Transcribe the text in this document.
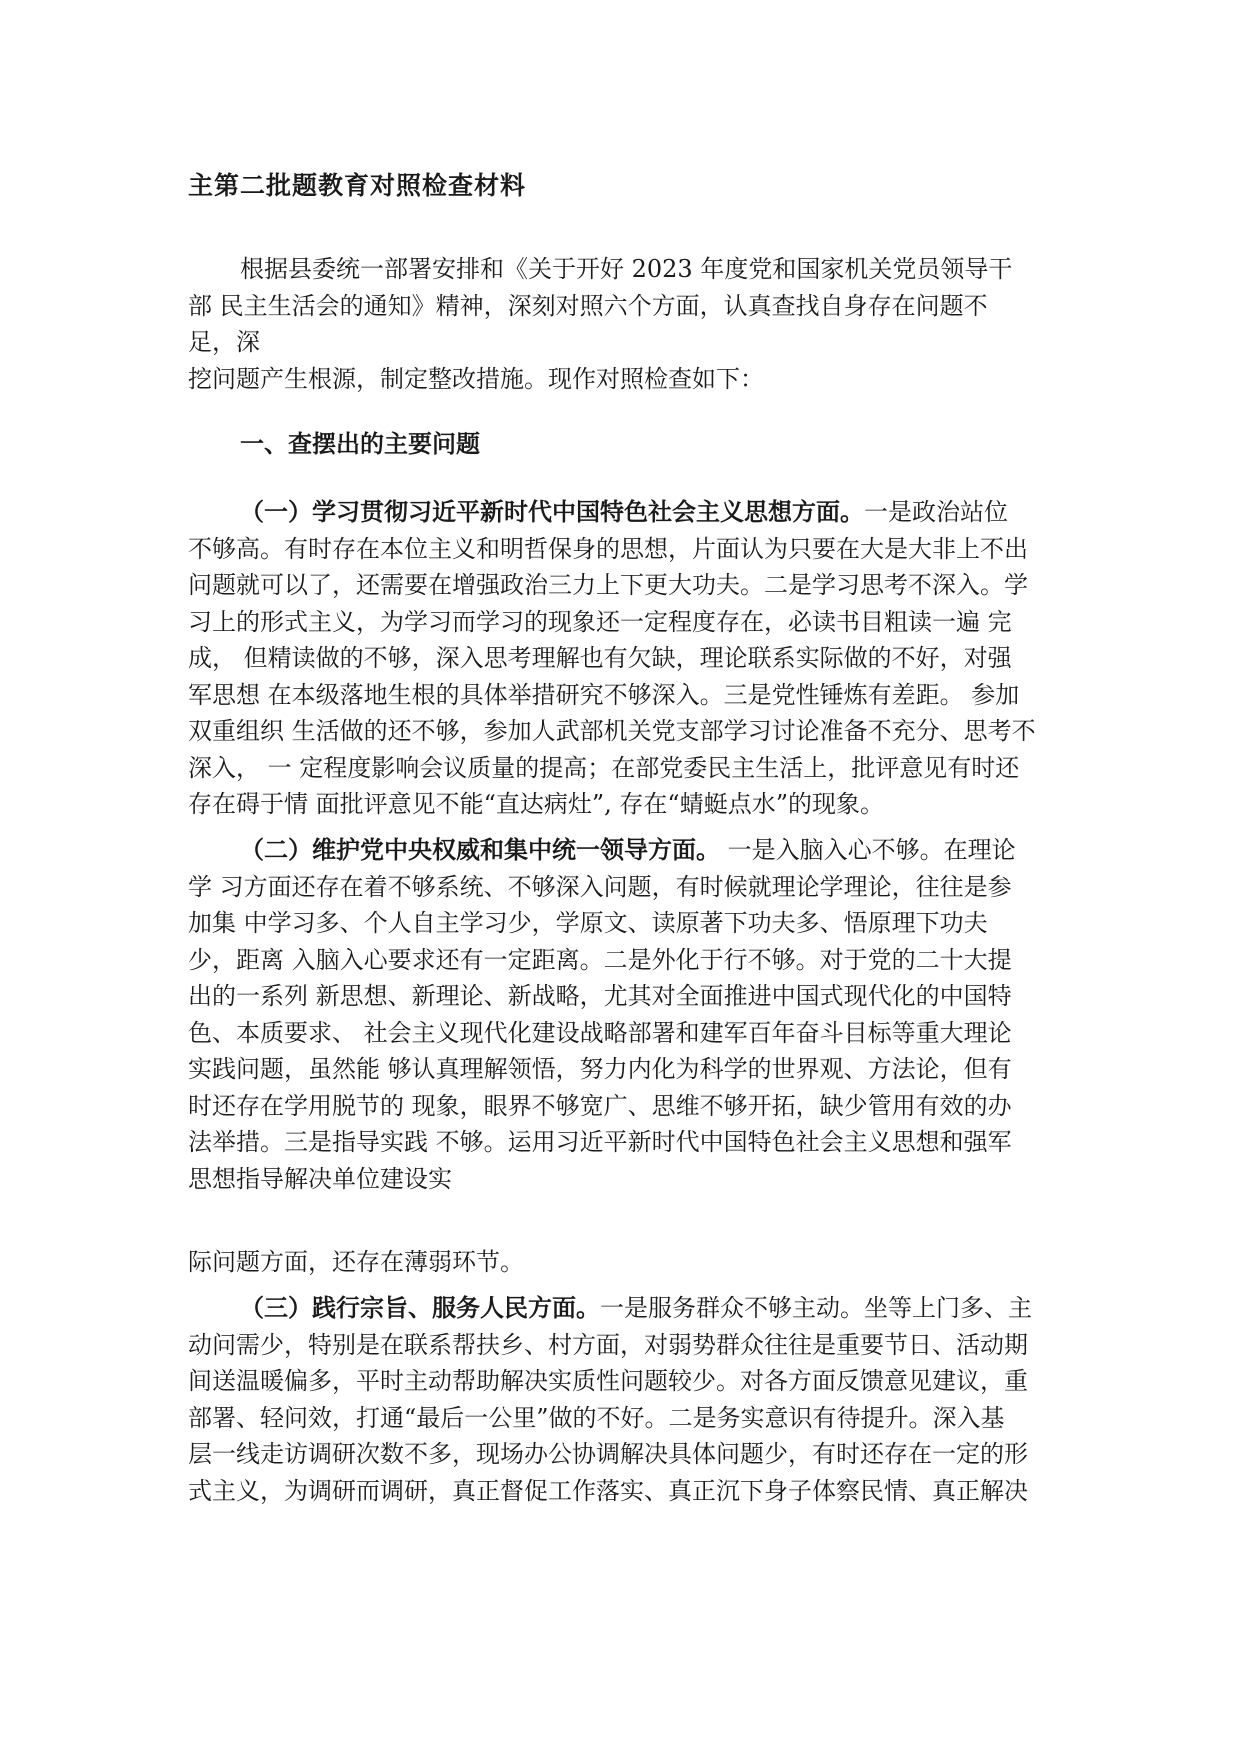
主第二批题教育对照检查材料
根据县委统一部署安排和《关于开好 2023 年度党和国家机关党员领导干
部 民主生活会的通知》精神，深刻对照六个方面，认真查找自身存在问题不
足，深
挖问题产生根源，制定整改措施。现作对照检查如下：
一、查摆出的主要问题
（一）学习贯彻习近平新时代中国特色社会主义思想方面。一是政治站位
不够高。有时存在本位主义和明哲保身的思想，片面认为只要在大是大非上不出
问题就可以了，还需要在增强政治三力上下更大功夫。二是学习思考不深入。学
习上的形式主义，为学习而学习的现象还一定程度存在，必读书目粗读一遍 完
成， 但精读做的不够，深入思考理解也有欠缺，理论联系实际做的不好，对强
军思想 在本级落地生根的具体举措研究不够深入。三是党性锤炼有差距。 参加
双重组织 生活做的还不够，参加人武部机关党支部学习讨论准备不充分、思考不
深入， 一 定程度影响会议质量的提高；在部党委民主生活上，批评意见有时还
存在碍于情 面批评意见不能“直达病灶”, 存在“蜻蜓点水”的现象。
（二）维护党中央权威和集中统一领导方面。 一是入脑入心不够。在理论
学 习方面还存在着不够系统、不够深入问题，有时候就理论学理论，往往是参
加集 中学习多、个人自主学习少，学原文、读原著下功夫多、悟原理下功夫
少，距离 入脑入心要求还有一定距离。二是外化于行不够。对于党的二十大提
出的一系列 新思想、新理论、新战略，尤其对全面推进中国式现代化的中国特
色、本质要求、 社会主义现代化建设战略部署和建军百年奋斗目标等重大理论
实践问题，虽然能 够认真理解领悟，努力内化为科学的世界观、方法论，但有
时还存在学用脱节的 现象，眼界不够宽广、思维不够开拓，缺少管用有效的办
法举措。三是指导实践 不够。运用习近平新时代中国特色社会主义思想和强军
思想指导解决单位建设实
际问题方面，还存在薄弱环节。
（三）践行宗旨、服务人民方面。一是服务群众不够主动。坐等上门多、主
动问需少，特别是在联系帮扶乡、村方面，对弱势群众往往是重要节日、活动期
间送温暖偏多，平时主动帮助解决实质性问题较少。对各方面反馈意见建议，重
部署、轻问效，打通“最后一公里”做的不好。二是务实意识有待提升。深入基
层一线走访调研次数不多，现场办公协调解决具体问题少，有时还存在一定的形
式主义，为调研而调研，真正督促工作落实、真正沉下身子体察民情、真正解决
